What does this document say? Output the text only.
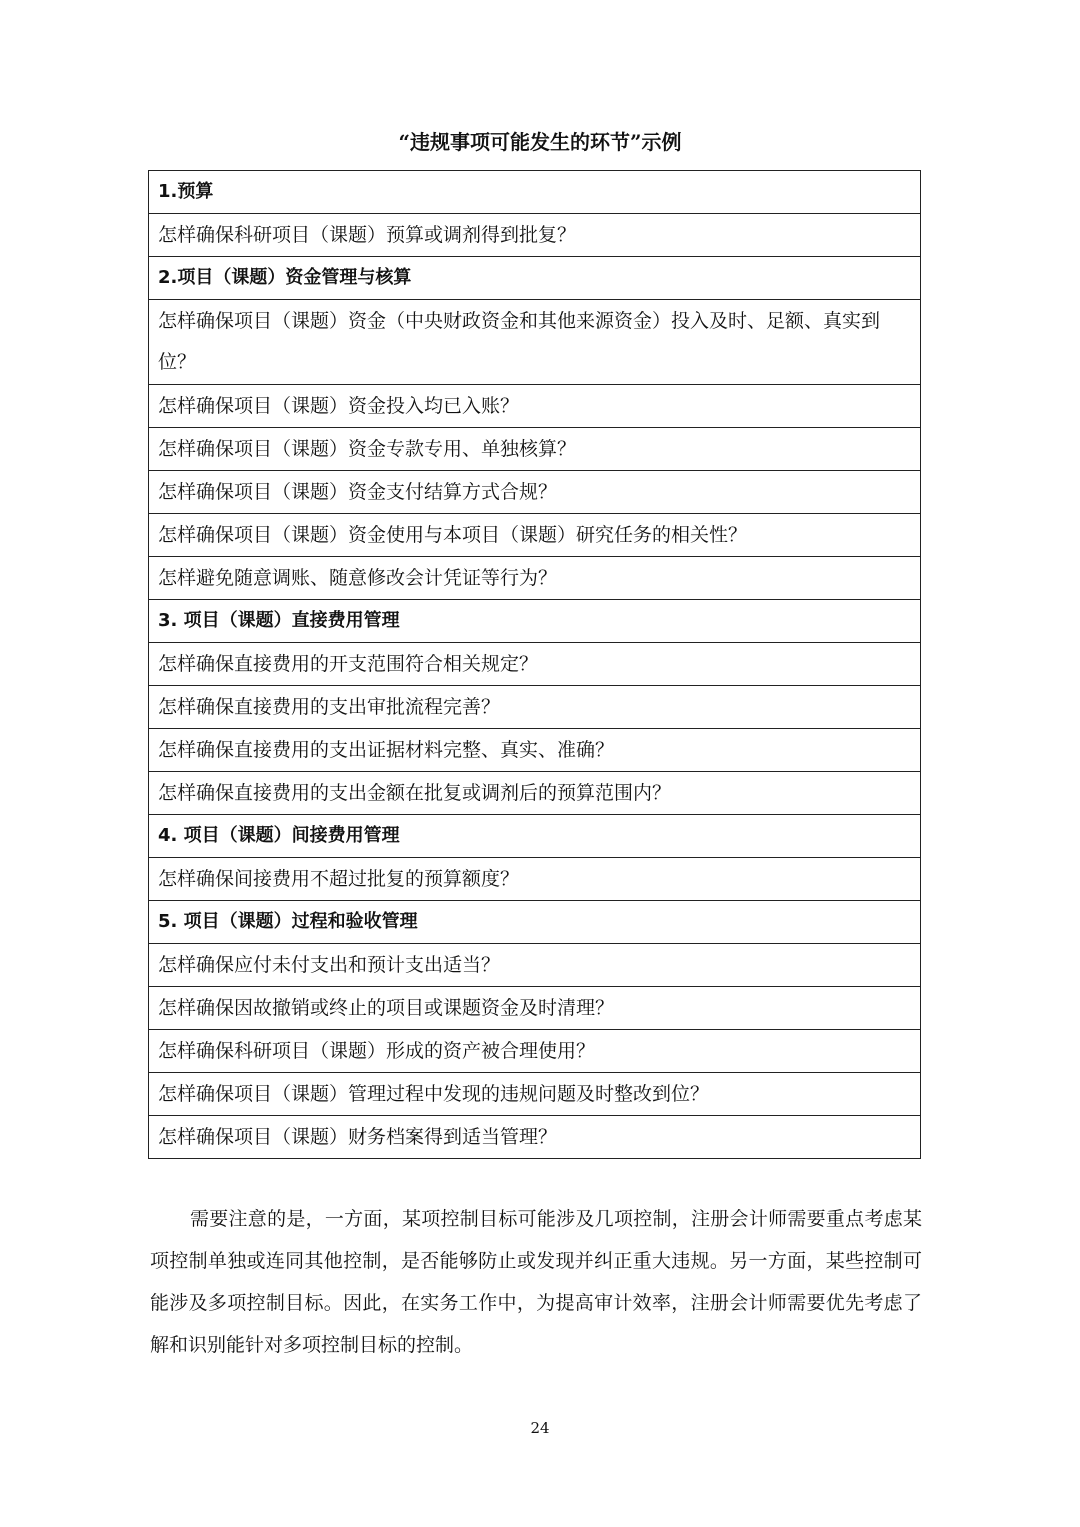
“违规事项可能发生的环节”示例
1.预算
怎样确保科研项目（课题）预算或调剂得到批复？
2.项目（课题）资金管理与核算
怎样确保项目（课题）资金（中央财政资金和其他来源资金）投入及时、足额、真实到位？
怎样确保项目（课题）资金投入均已入账？
怎样确保项目（课题）资金专款专用、单独核算？
怎样确保项目（课题）资金支付结算方式合规？
怎样确保项目（课题）资金使用与本项目（课题）研究任务的相关性？
怎样避免随意调账、随意修改会计凭证等行为？
3. 项目（课题）直接费用管理
怎样确保直接费用的开支范围符合相关规定？
怎样确保直接费用的支出审批流程完善？
怎样确保直接费用的支出证据材料完整、真实、准确？
怎样确保直接费用的支出金额在批复或调剂后的预算范围内？
4. 项目（课题）间接费用管理
怎样确保间接费用不超过批复的预算额度？
5. 项目（课题）过程和验收管理
怎样确保应付未付支出和预计支出适当？
怎样确保因故撤销或终止的项目或课题资金及时清理？
怎样确保科研项目（课题）形成的资产被合理使用？
怎样确保项目（课题）管理过程中发现的违规问题及时整改到位？
怎样确保项目（课题）财务档案得到适当管理？

需要注意的是，一方面，某项控制目标可能涉及几项控制，注册会计师需要重点考虑某项控制单独或连同其他控制，是否能够防止或发现并纠正重大违规。另一方面，某些控制可能涉及多项控制目标。因此，在实务工作中，为提高审计效率，注册会计师需要优先考虑了解和识别能针对多项控制目标的控制。

24
